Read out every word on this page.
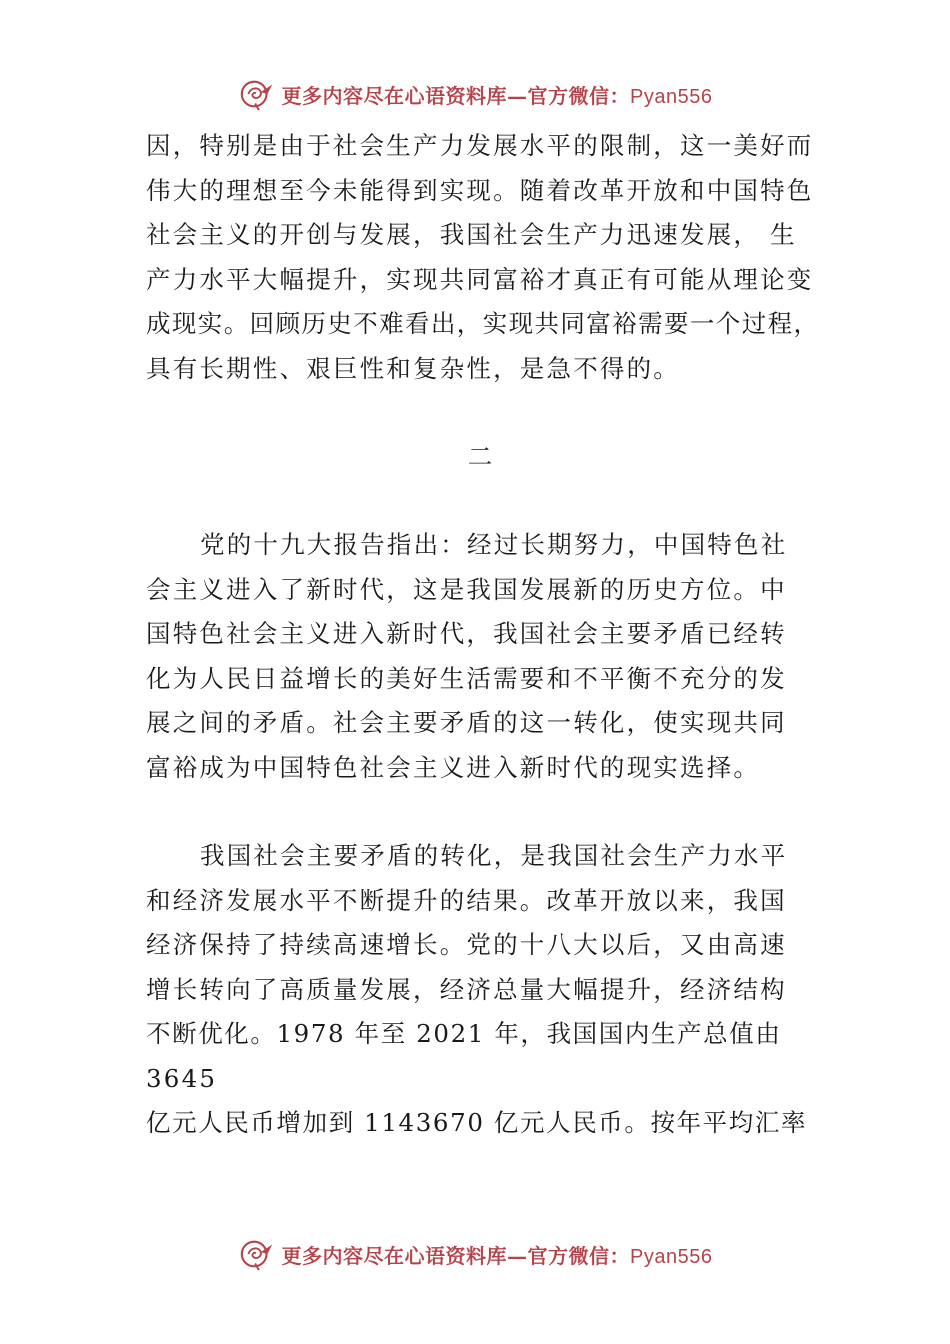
更多内容尽在心语资料库—官方微信：Pyan556
因，特别是由于社会生产力发展水平的限制，这一美好而
伟大的理想至今未能得到实现。随着改革开放和中国特色
社会主义的开创与发展，我国社会生产力迅速发展， 生
产力水平大幅提升，实现共同富裕才真正有可能从理论变
成现实。回顾历史不难看出，实现共同富裕需要一个过程，
具有长期性、艰巨性和复杂性，是急不得的。
二
党的十九大报告指出：经过长期努力，中国特色社
会主义进入了新时代，这是我国发展新的历史方位。中
国特色社会主义进入新时代，我国社会主要矛盾已经转
化为人民日益增长的美好生活需要和不平衡不充分的发
展之间的矛盾。社会主要矛盾的这一转化，使实现共同
富裕成为中国特色社会主义进入新时代的现实选择。
我国社会主要矛盾的转化，是我国社会生产力水平
和经济发展水平不断提升的结果。改革开放以来，我国
经济保持了持续高速增长。党的十八大以后，又由高速
增长转向了高质量发展，经济总量大幅提升，经济结构
不断优化。1978 年至 2021 年，我国国内生产总值由
3645
亿元人民币增加到 1143670 亿元人民币。按年平均汇率
更多内容尽在心语资料库—官方微信：Pyan556
